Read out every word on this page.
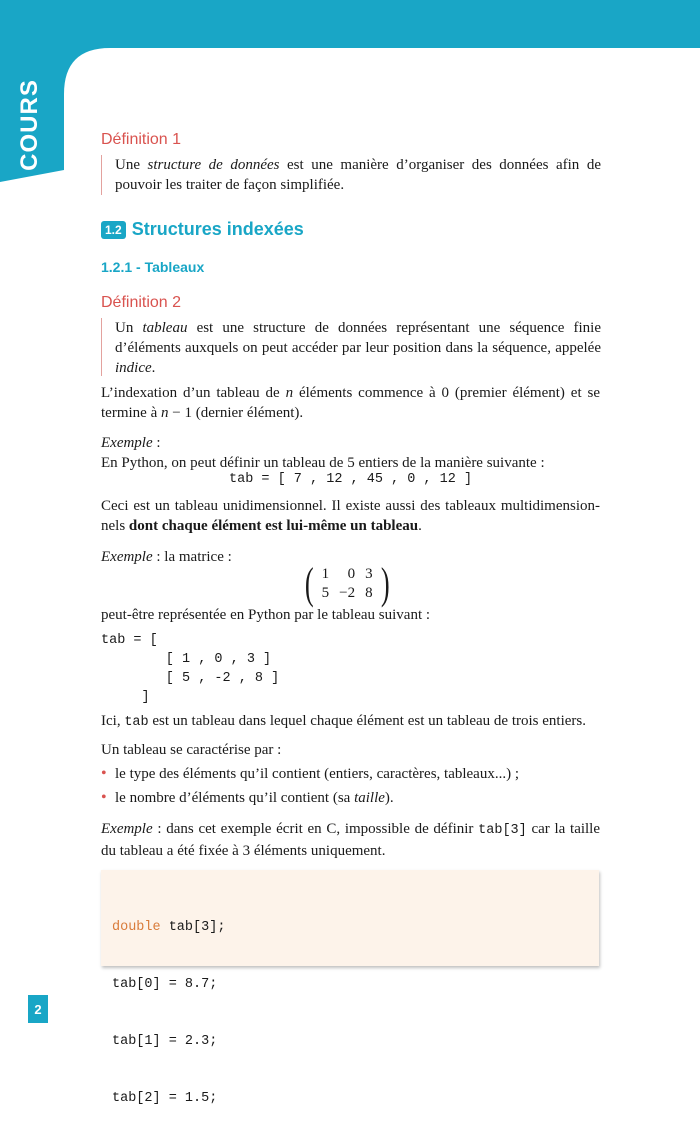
COURS	Définition 1
Une structure de données est une manière d’organiser des données afin de pouvoir les traiter de façon simplifiée.
1.2 Structures indexées
1.2.1 - Tableaux
Définition 2
Un tableau est une structure de données représentant une séquence finie d’éléments auxquels on peut accéder par leur position dans la séquence, appelée indice.
L’indexation d’un tableau de n éléments commence à 0 (premier élément) et se termine à n − 1 (dernier élément).
Exemple :
En Python, on peut définir un tableau de 5 entiers de la manière suivante :
tab = [ 7 , 12 , 45 , 0 , 12 ]
Ceci est un tableau unidimensionnel. Il existe aussi des tableaux multidimension-nels dont chaque élément est lui-même un tableau.
Exemple : la matrice :
( 1	0	3
5	−2	8 )
peut-être représentée en Python par le tableau suivant :
tab = [
[ 1 , 0 , 3 ]
[ 5 , -2 , 8 ]
]
Ici, tab est un tableau dans lequel chaque élément est un tableau de trois entiers.
Un tableau se caractérise par :
• le type des éléments qu’il contient (entiers, caractères, tableaux...) ;
• le nombre d’éléments qu’il contient (sa taille).
Exemple : dans cet exemple écrit en C, impossible de définir tab[3] car la taille du tableau a été fixée à 3 éléments uniquement.

double tab[3];

tab[0] = 8.7;

tab[1] = 2.3;

tab[2] = 1.5;

2
